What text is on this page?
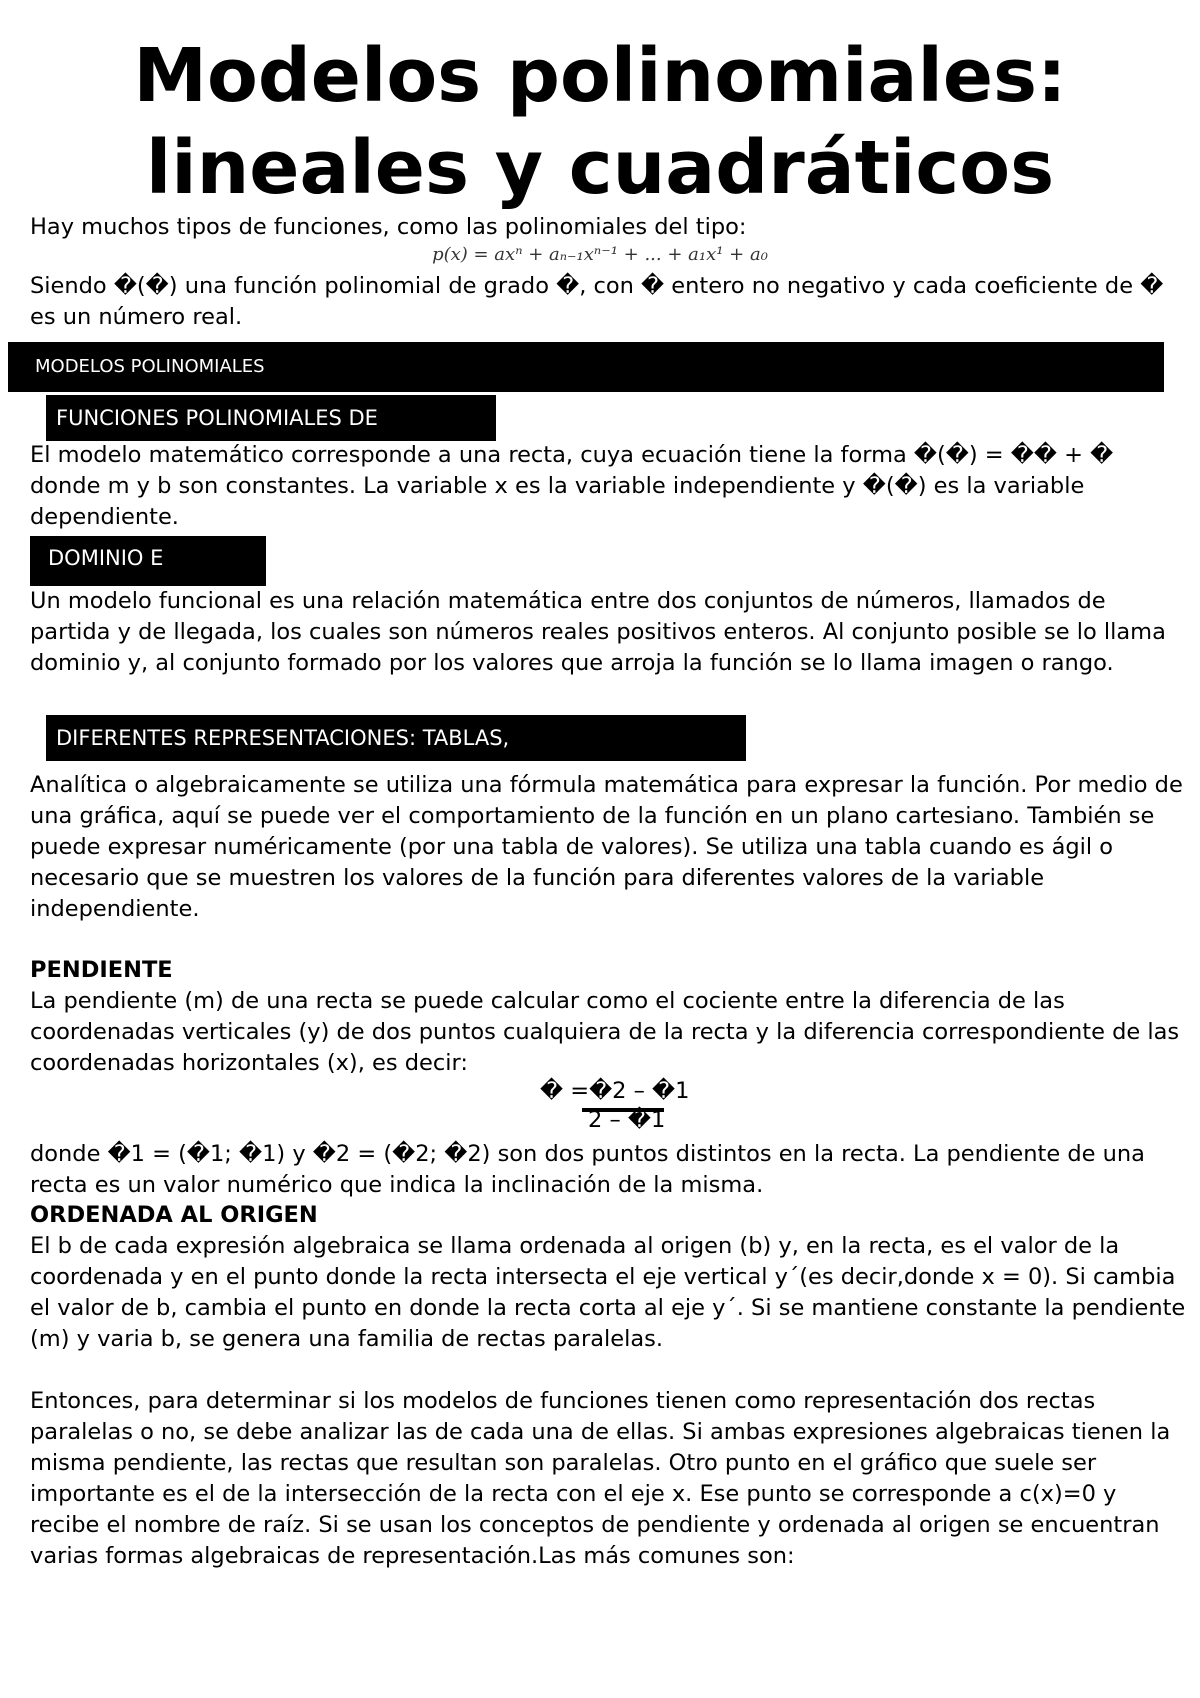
Modelos polinomiales:
lineales y cuadráticos

Hay muchos tipos de funciones, como las polinomiales del tipo:

p(x) = axⁿ + aₙ₋₁xⁿ⁻¹ + ... + a₁x¹ + a₀

Siendo �(�) una función polinomial de grado �, con � entero no negativo y cada coeficiente de � es un número real.

MODELOS POLINOMIALES
FUNCIONES POLINOMIALES DE

El modelo matemático corresponde a una recta, cuya ecuación tiene la forma �(�) = �� + � donde m y b son constantes. La variable x es la variable independiente y �(�) es la variable dependiente.

DOMINIO E

Un modelo funcional es una relación matemática entre dos conjuntos de números, llamados de partida y de llegada, los cuales son números reales positivos enteros. Al conjunto posible se lo llama dominio y, al conjunto formado por los valores que arroja la función se lo llama imagen o rango.

DIFERENTES REPRESENTACIONES: TABLAS,

Analítica o algebraicamente se utiliza una fórmula matemática para expresar la función. Por medio de una gráfica, aquí se puede ver el comportamiento de la función en un plano cartesiano. También se puede expresar numéricamente (por una tabla de valores). Se utiliza una tabla cuando es ágil o necesario que se muestren los valores de la función para diferentes valores de la variable independiente.

PENDIENTE

La pendiente (m) de una recta se puede calcular como el cociente entre la diferencia de las coordenadas verticales (y) de dos puntos cualquiera de la recta y la diferencia correspondiente de las coordenadas horizontales (x), es decir:

� =�2 – �1
2 – �1

donde �1 = (�1; �1) y �2 = (�2; �2) son dos puntos distintos en la recta. La pendiente de una recta es un valor numérico que indica la inclinación de la misma.

ORDENADA AL ORIGEN

El b de cada expresión algebraica se llama ordenada al origen (b) y, en la recta, es el valor de la coordenada y en el punto donde la recta intersecta el eje vertical y´(es decir,donde x = 0). Si cambia el valor de b, cambia el punto en donde la recta corta al eje y´. Si se mantiene constante la pendiente (m) y varia b, se genera una familia de rectas paralelas.

Entonces, para determinar si los modelos de funciones tienen como representación dos rectas paralelas o no, se debe analizar las de cada una de ellas. Si ambas expresiones algebraicas tienen la misma pendiente, las rectas que resultan son paralelas. Otro punto en el gráfico que suele ser importante es el de la intersección de la recta con el eje x. Ese punto se corresponde a c(x)=0 y recibe el nombre de raíz. Si se usan los conceptos de pendiente y ordenada al origen se encuentran varias formas algebraicas de representación.Las más comunes son:
